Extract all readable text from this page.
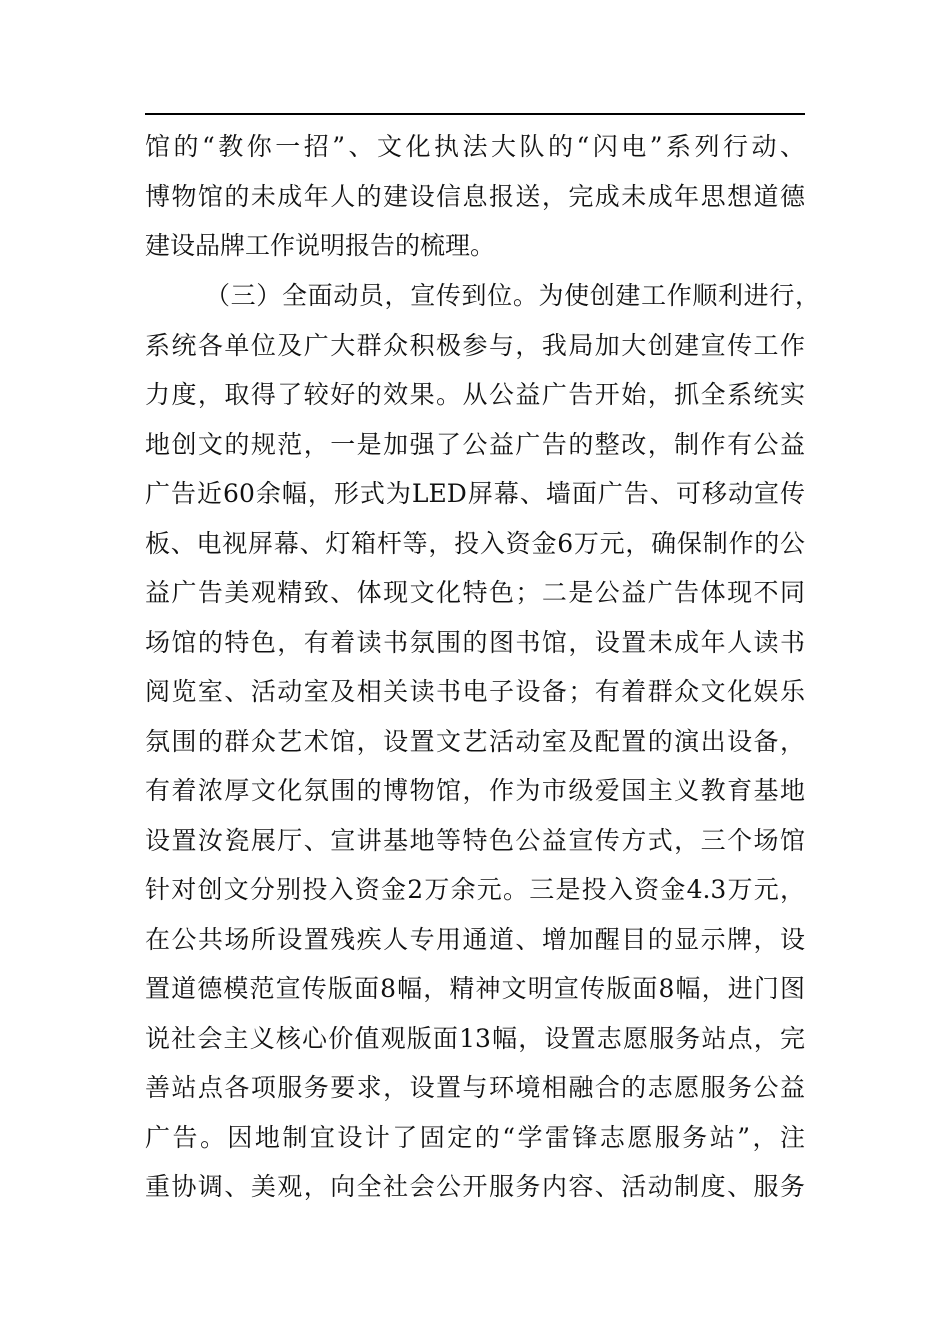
馆的“教你一招”、文化执法大队的“闪电”系列行动、
博物馆的未成年人的建设信息报送，完成未成年思想道德
建设品牌工作说明报告的梳理。
（三）全面动员，宣传到位。为使创建工作顺利进行，
系统各单位及广大群众积极参与，我局加大创建宣传工作
力度，取得了较好的效果。从公益广告开始，抓全系统实
地创文的规范，一是加强了公益广告的整改，制作有公益
广告近60余幅，形式为LED屏幕、墙面广告、可移动宣传
板、电视屏幕、灯箱杆等，投入资金6万元，确保制作的公
益广告美观精致、体现文化特色；二是公益广告体现不同
场馆的特色，有着读书氛围的图书馆，设置未成年人读书
阅览室、活动室及相关读书电子设备；有着群众文化娱乐
氛围的群众艺术馆，设置文艺活动室及配置的演出设备，
有着浓厚文化氛围的博物馆，作为市级爱国主义教育基地
设置汝瓷展厅、宣讲基地等特色公益宣传方式，三个场馆
针对创文分别投入资金2万余元。三是投入资金4.3万元，
在公共场所设置残疾人专用通道、增加醒目的显示牌，设
置道德模范宣传版面8幅，精神文明宣传版面8幅，进门图
说社会主义核心价值观版面13幅，设置志愿服务站点，完
善站点各项服务要求，设置与环境相融合的志愿服务公益
广告。因地制宜设计了固定的“学雷锋志愿服务站”，注
重协调、美观，向全社会公开服务内容、活动制度、服务
